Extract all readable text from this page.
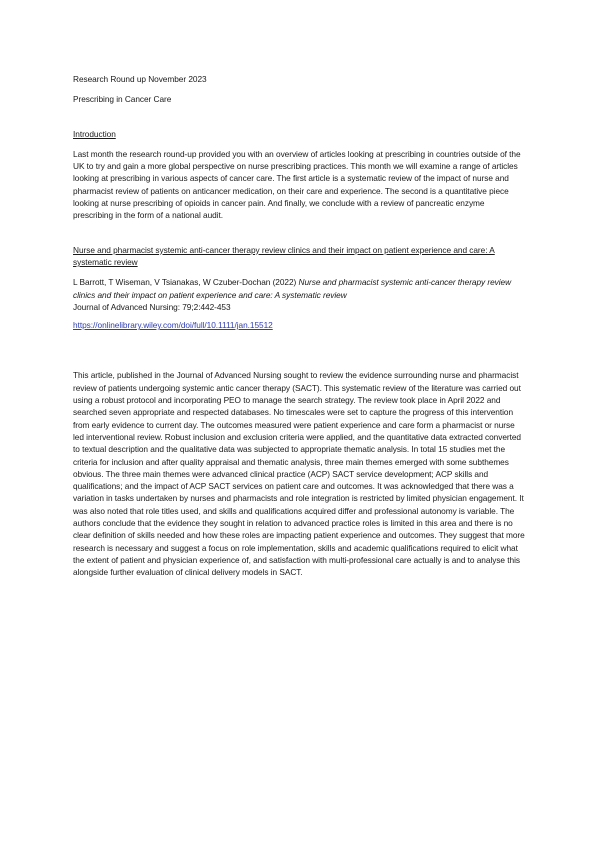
Research Round up November 2023
Prescribing in Cancer Care
Introduction
Last month the research round-up provided you with an overview of articles looking at prescribing in countries outside of the UK to try and gain a more global perspective on nurse prescribing practices. This month we will examine a range of articles looking at prescribing in various aspects of cancer care. The first article is a systematic review of the impact of nurse and pharmacist review of patients on anticancer medication, on their care and experience. The second is a quantitative piece looking at nurse prescribing of opioids in cancer pain. And finally, we conclude with a review of pancreatic enzyme prescribing in the form of a national audit.
Nurse and pharmacist systemic anti-cancer therapy review clinics and their impact on patient experience and care: A systematic review
L Barrott, T Wiseman, V Tsianakas, W Czuber-Dochan (2022) Nurse and pharmacist systemic anti-cancer therapy review clinics and their impact on patient experience and care: A systematic review
Journal of Advanced Nursing: 79;2:442-453
https://onlinelibrary.wiley.com/doi/full/10.1111/jan.15512
This article, published in the Journal of Advanced Nursing sought to review the evidence surrounding nurse and pharmacist review of patients undergoing systemic antic cancer therapy (SACT). This systematic review of the literature was carried out using a robust protocol and incorporating PEO to manage the search strategy. The review took place in April 2022 and searched seven appropriate and respected databases. No timescales were set to capture the progress of this intervention from early evidence to current day. The outcomes measured were patient experience and care form a pharmacist or nurse led interventional review. Robust inclusion and exclusion criteria were applied, and the quantitative data extracted converted to textual description and the qualitative data was subjected to appropriate thematic analysis. In total 15 studies met the criteria for inclusion and after quality appraisal and thematic analysis, three main themes emerged with some subthemes obvious. The three main themes were advanced clinical practice (ACP) SACT service development; ACP skills and qualifications; and the impact of ACP SACT services on patient care and outcomes. It was acknowledged that there was a variation in tasks undertaken by nurses and pharmacists and role integration is restricted by limited physician engagement. It was also noted that role titles used, and skills and qualifications acquired differ and professional autonomy is variable. The authors conclude that the evidence they sought in relation to advanced practice roles is limited in this area and there is no clear definition of skills needed and how these roles are impacting patient experience and outcomes. They suggest that more research is necessary and suggest a focus on role implementation, skills and academic qualifications required to elicit what the extent of patient and physician experience of, and satisfaction with multi-professional care actually is and to analyse this alongside further evaluation of clinical delivery models in SACT.
